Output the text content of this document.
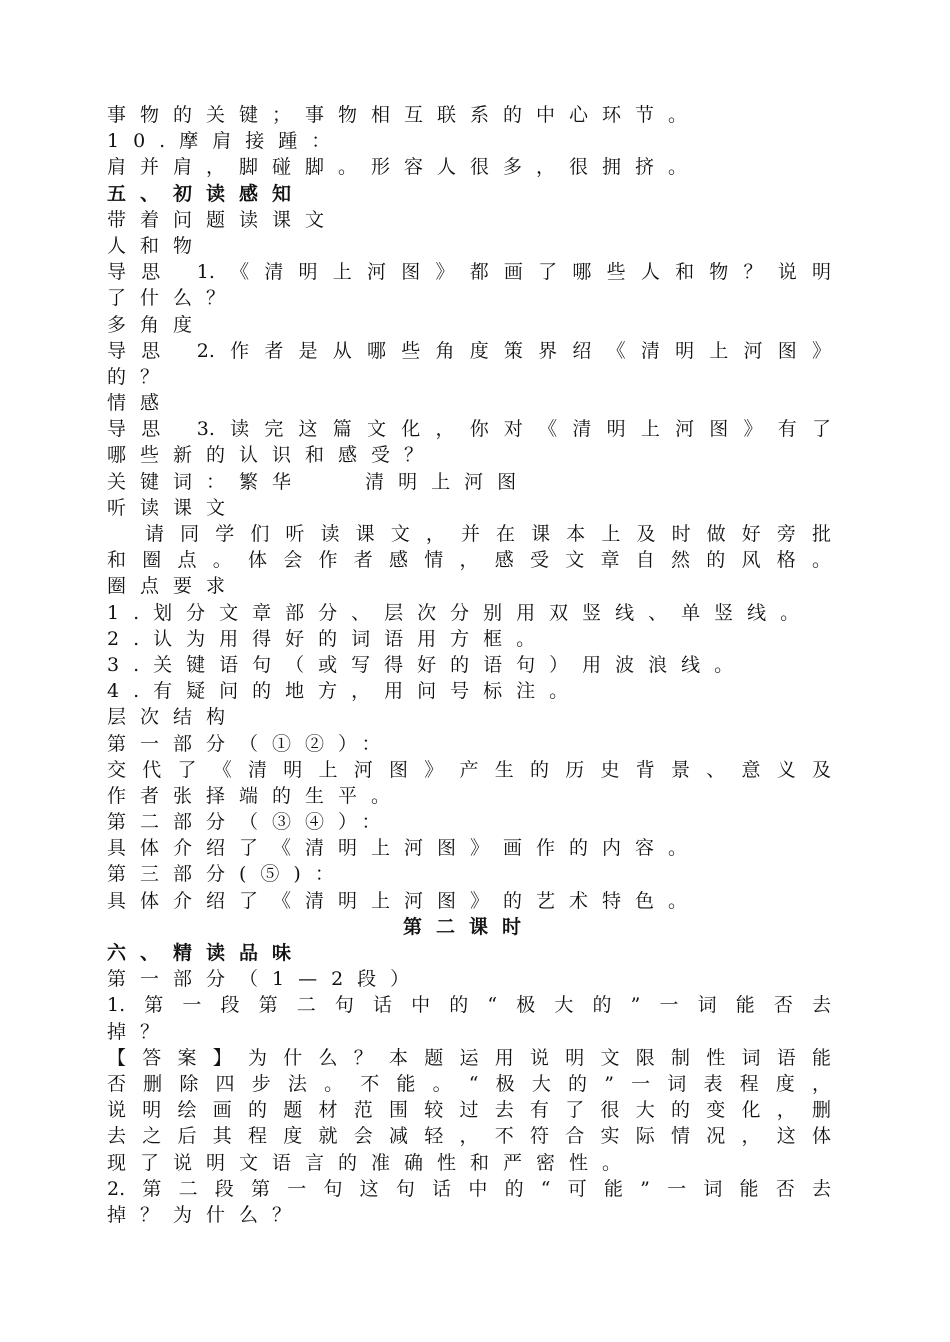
事物的关键；事物相互联系的中心环节。
10.摩肩接踵：
肩并肩，脚碰脚。形容人很多，很拥挤。
五、初读感知
带着问题读课文
人和物
导思 1.《清明上河图》都画了哪些人和物？说明
了什么？
多角度
导思 2.作者是从哪些角度策界绍《清明上河图》
的？
情感
导思 3.读完这篇文化，你对《清明上河图》有了
哪些新的认识和感受？
关键词：繁华   清明上河图
听读课文
请同学们听读课文，并在课本上及时做好旁批
和圈点。体会作者感情，感受文章自然的风格。
圈点要求
1.划分文章部分、层次分别用双竖线、单竖线。
2.认为用得好的词语用方框。
3.关键语句（或写得好的语句）用波浪线。
4.有疑问的地方，用问号标注。
层次结构
第一部分（①②）：
交代了《清明上河图》产生的历史背景、意义及
作者张择端的生平。
第二部分（③④）：
具体介绍了《清明上河图》画作的内容。
第三部分(⑤)：
具体介绍了《清明上河图》的艺术特色。
第二课时
六、精读品味
第一部分（1—2段）
1.第一段第二句话中的“极大的”一词能否去
掉？
【答案】为什么？本题运用说明文限制性词语能
否删除四步法。不能。“极大的”一词表程度，
说明绘画的题材范围较过去有了很大的变化，删
去之后其程度就会减轻，不符合实际情况，这体
现了说明文语言的准确性和严密性。
2.第二段第一句这句话中的“可能”一词能否去
掉？为什么？
